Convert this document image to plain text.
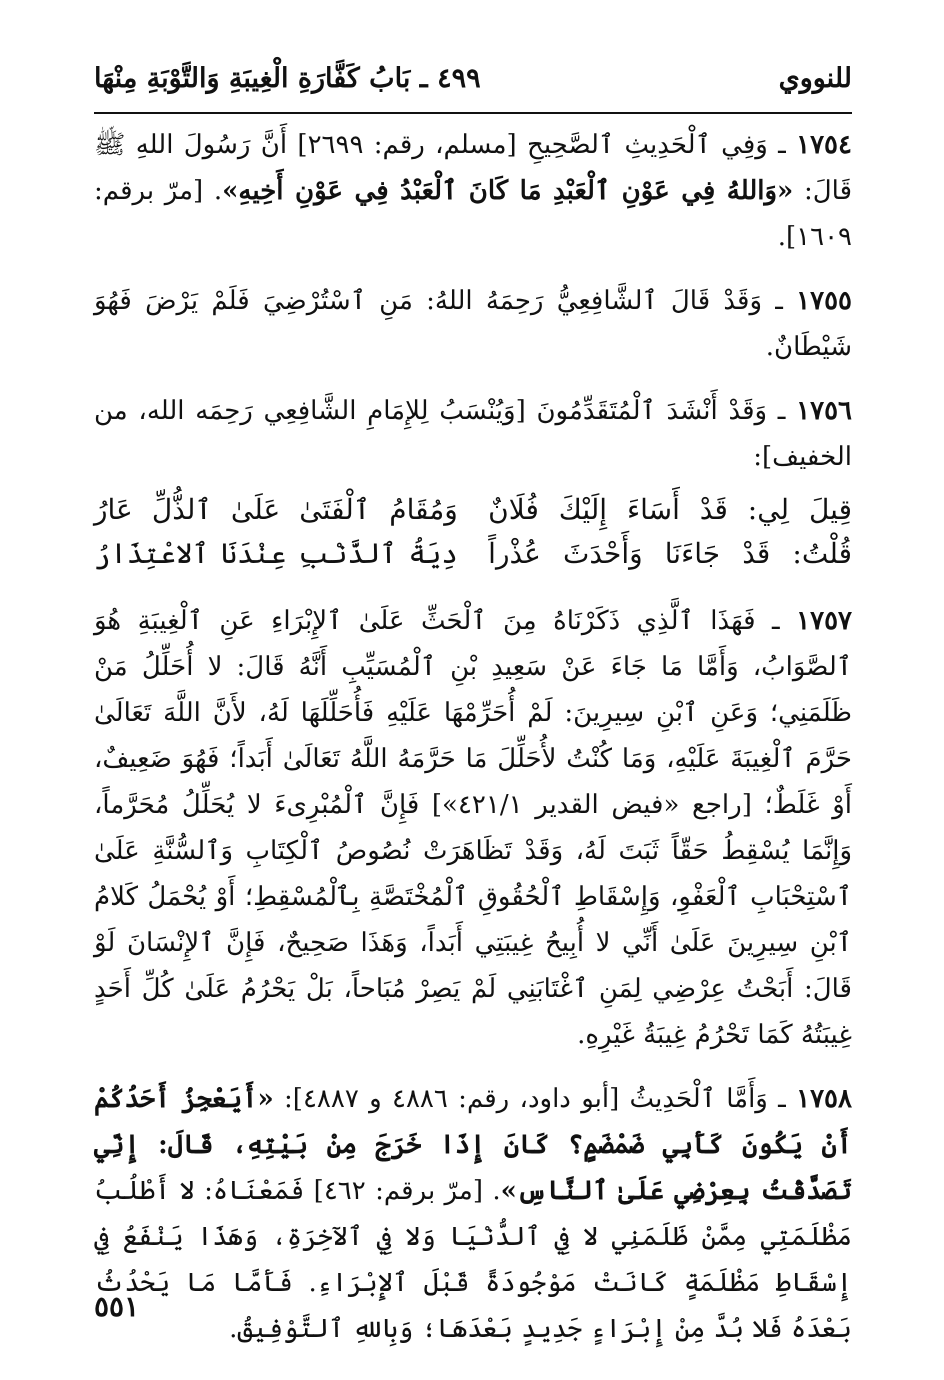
للنووي
٤٩٩ ـ بَابُ كَفَّارَةِ الْغِيبَةِ وَالتَّوْبَةِ مِنْهَا

١٧٥٤ ـ وَفِي ٱلْحَدِيثِ ٱلصَّحِيحِ [مسلم، رقم: ٢٦٩٩] أَنَّ رَسُولَ اللهِ ﷺ قَالَ: «وَاللهُ فِي عَوْنِ ٱلْعَبْدِ مَا كَانَ ٱلْعَبْدُ فِي عَوْنِ أَخِيهِ». [مرّ برقم: ١٦٠٩].

١٧٥٥ ـ وَقَدْ قَالَ ٱلشَّافِعِيُّ رَحِمَهُ اللهُ: مَنِ ٱسْتُرْضِيَ فَلَمْ يَرْضَ فَهُوَ شَيْطَانٌ.

١٧٥٦ ـ وَقَدْ أَنْشَدَ ٱلْمُتَقَدِّمُونَ [وَيُنْسَبُ لِلإِمَامِ الشَّافِعِي رَحِمَه الله، من الخفيف]:

قِيلَ لِي: قَدْ أَسَاءَ إِلَيْكَ فُلَانٌ
وَمُقَامُ ٱلْفَتَىٰ عَلَىٰ ٱلذُّلِّ عَارُ
قُلْتُ: قَدْ جَاءَنَا وَأَحْدَثَ عُذْراً
دِيَةُ ٱلذَّنْبِ عِنْدَنَا ٱلاعْتِذَارُ

١٧٥٧ ـ فَهَذَا ٱلَّذِي ذَكَرْنَاهُ مِنَ ٱلْحَثِّ عَلَىٰ ٱلإِبْرَاءِ عَنِ ٱلْغِيبَةِ هُوَ ٱلصَّوَابُ، وَأَمَّا مَا جَاءَ عَنْ سَعِيدِ بْنِ ٱلْمُسَيِّبِ أَنَّهُ قَالَ: لا أُحَلِّلُ مَنْ ظَلَمَنِي؛ وَعَنِ ٱبْنِ سِيرِينَ: لَمْ أُحَرِّمْهَا عَلَيْهِ فَأُحَلِّلَهَا لَهُ، لأَنَّ اللَّهَ تَعَالَىٰ حَرَّمَ ٱلْغِيبَةَ عَلَيْهِ، وَمَا كُنْتُ لأُحَلِّلَ مَا حَرَّمَهُ اللَّهُ تَعَالَىٰ أَبَداً؛ فَهُوَ ضَعِيفٌ، أَوْ غَلَطٌ؛ [راجع «فيض القدير ٤٢١/١»] فَإِنَّ ٱلْمُبْرِىءَ لا يُحَلِّلُ مُحَرَّماً، وَإِنَّمَا يُسْقِطُ حَقّاً ثَبَتَ لَهُ، وَقَدْ تَظَاهَرَتْ نُصُوصُ ٱلْكِتَابِ وَٱلسُّنَّةِ عَلَىٰ ٱسْتِحْبَابِ ٱلْعَفْوِ، وَإِسْقَاطِ ٱلْحُقُوقِ ٱلْمُخْتَصَّةِ بِٱلْمُسْقِطِ؛ أَوْ يُحْمَلُ كَلامُ ٱبْنِ سِيرِينَ عَلَىٰ أَنِّي لا أُبِيحُ غِيبَتِي أَبَداً، وَهَذَا صَحِيحٌ، فَإِنَّ ٱلإِنْسَانَ لَوْ قَالَ: أَبَحْتُ عِرْضِي لِمَنِ ٱغْتَابَنِي لَمْ يَصِرْ مُبَاحاً، بَلْ يَحْرُمُ عَلَىٰ كُلِّ أَحَدٍ غِيبَتُهُ كَمَا تَحْرُمُ غِيبَةُ غَيْرِهِ.

١٧٥٨ ـ وَأَمَّا ٱلْحَدِيثُ [أبو داود، رقم: ٤٨٨٦ و ٤٨٨٧]: «أَيَعْجِزُ أَحَدُكُمْ أَنْ يَكُونَ كَأَبِي ضَمْضَمٍ؟ كَانَ إِذَا خَرَجَ مِنْ بَيْتِهِ، قَالَ: إِنِّي تَصَدَّقْتُ بِعِرْضِي عَلَىٰ ٱلنَّاسِ». [مرّ برقم: ٤٦٢] فَمَعْنَاهُ: لا أَطْلُبُ مَظْلَمَتِي مِمَّنْ ظَلَمَنِي لا فِي ٱلدُّنْيَا وَلا فِي ٱلآخِرَةِ، وَهَذَا يَنْفَعُ فِي إِسْقَاطِ مَظْلَمَةٍ كَانَتْ مَوْجُودَةً قَبْلَ ٱلإِبْرَاءِ. فَأَمَّا مَا يَحْدُثُ بَعْدَهُ فَلا بُدَّ مِنْ إِبْرَاءٍ جَدِيدٍ بَعْدَهَا؛ وَبِاللهِ ٱلتَّوْفِيقُ.

٥٥١
